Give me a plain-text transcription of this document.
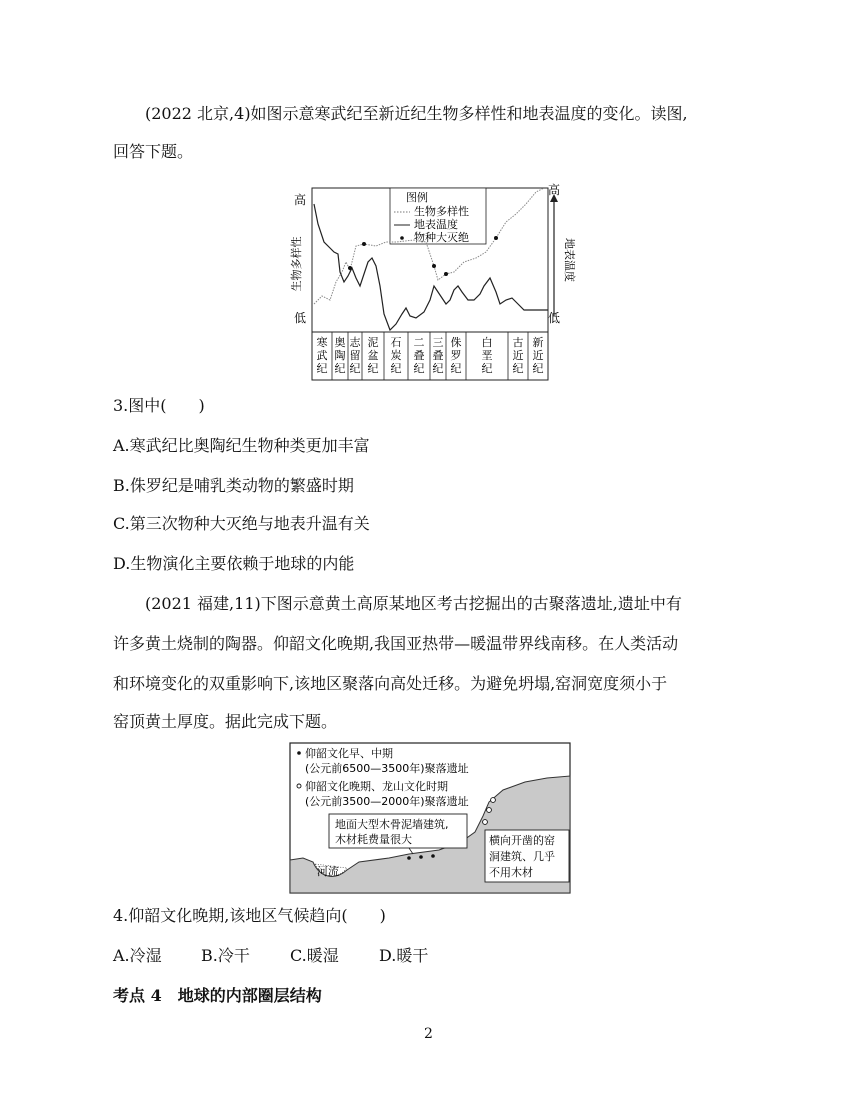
(2022 北京,4)如图示意寒武纪至新近纪生物多样性和地表温度的变化。读图,
回答下题。
高
低
生物多样性
高
低
地表温度
图例
生物多样性
地表温度
物种大灭绝
寒武纪
奥陶纪
志留纪
泥盆纪
石炭纪
二叠纪
三叠纪
侏罗纪
白垩纪
古近纪
新近纪
3.图中(　　)
A.寒武纪比奥陶纪生物种类更加丰富
B.侏罗纪是哺乳类动物的繁盛时期
C.第三次物种大灭绝与地表升温有关
D.生物演化主要依赖于地球的内能
(2021 福建,11)下图示意黄土高原某地区考古挖掘出的古聚落遗址,遗址中有
许多黄土烧制的陶器。仰韶文化晚期,我国亚热带—暖温带界线南移。在人类活动
和环境变化的双重影响下,该地区聚落向高处迁移。为避免坍塌,窑洞宽度须小于
窑顶黄土厚度。据此完成下题。
河流
仰韶文化早、中期
(公元前6500—3500年)聚落遗址
仰韶文化晚期、龙山文化时期
(公元前3500—2000年)聚落遗址
地面大型木骨泥墙建筑,
木材耗费量很大	横向开凿的窑
洞建筑、几乎
不用木材
4.仰韶文化晚期,该地区气候趋向(　　)
A.冷湿 B.冷干	C.暖湿	D.暖干
考点 4　地球的内部圈层结构
2
